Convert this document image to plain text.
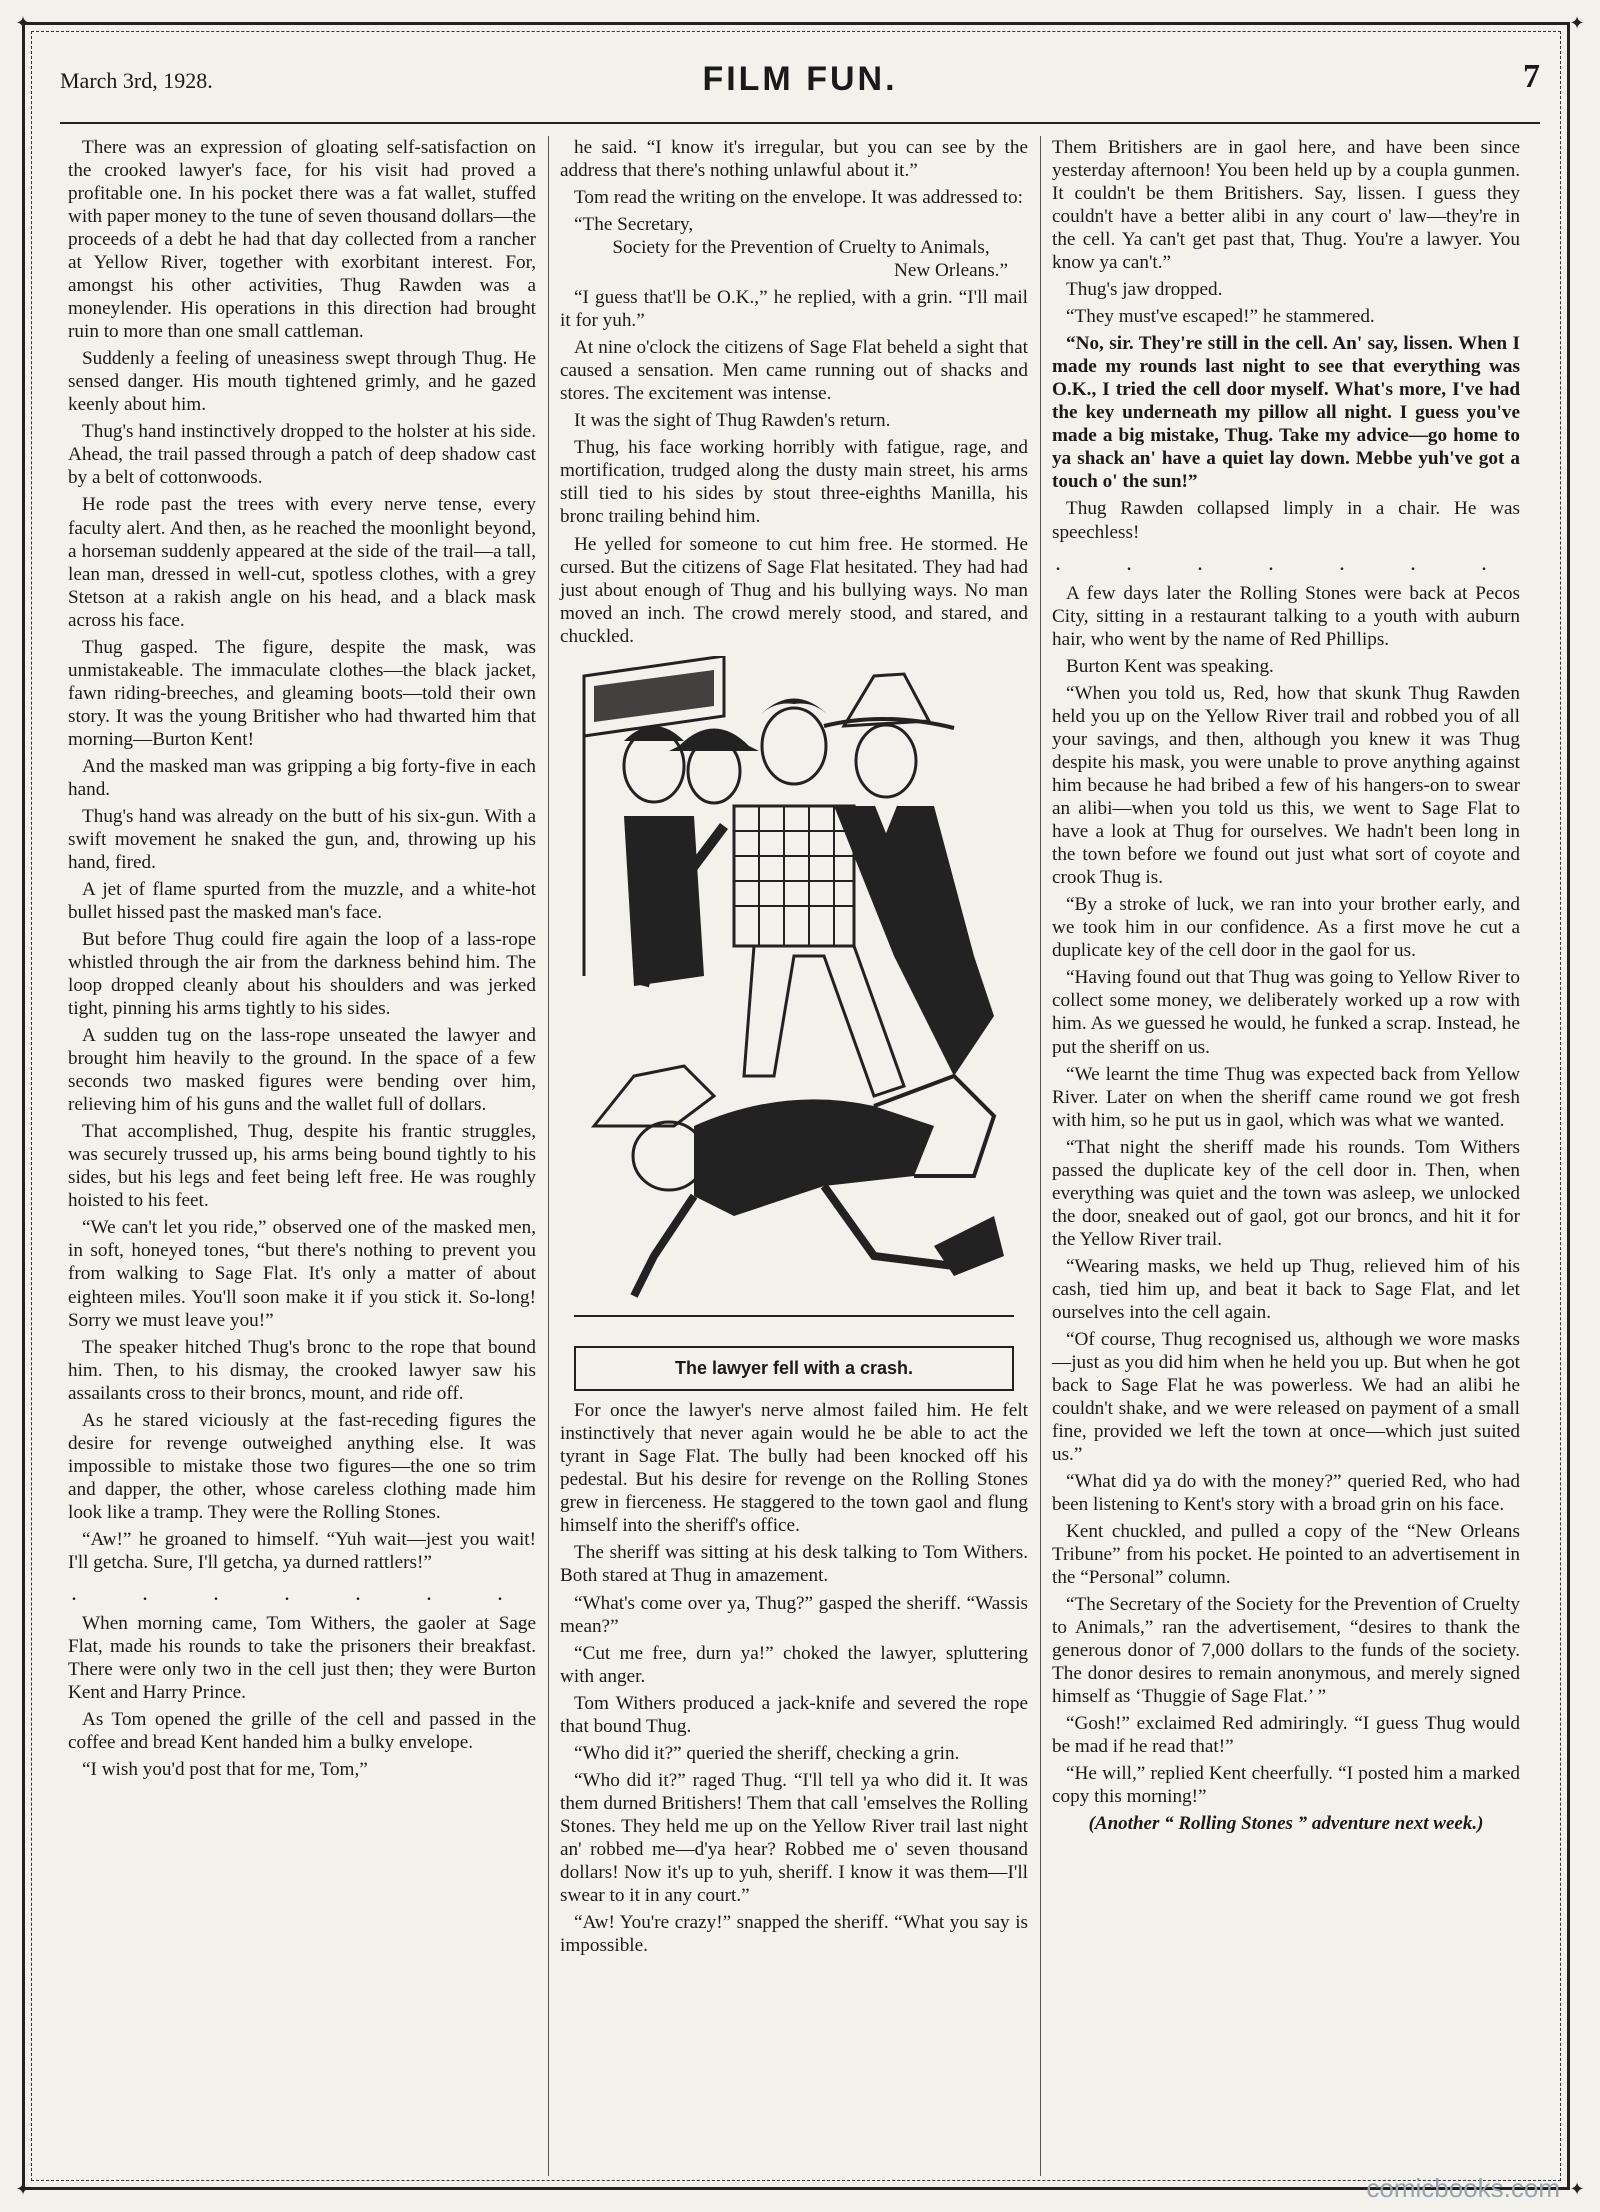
✦	✦
✦	✦
March 3rd, 1928.	FILM FUN.	7

There was an expression of gloating self-satisfaction on the crooked lawyer's face, for his visit had proved a profitable one. In his pocket there was a fat wallet, stuffed with paper money to the tune of seven thousand dollars—the proceeds of a debt he had that day collected from a rancher at Yellow River, together with exorbitant interest. For, amongst his other activities, Thug Rawden was a moneylender. His operations in this direction had brought ruin to more than one small cattleman.

Suddenly a feeling of uneasiness swept through Thug. He sensed danger. His mouth tightened grimly, and he gazed keenly about him.

Thug's hand instinctively dropped to the holster at his side. Ahead, the trail passed through a patch of deep shadow cast by a belt of cottonwoods.

He rode past the trees with every nerve tense, every faculty alert. And then, as he reached the moonlight beyond, a horseman suddenly appeared at the side of the trail—a tall, lean man, dressed in well-cut, spotless clothes, with a grey Stetson at a rakish angle on his head, and a black mask across his face.

Thug gasped. The figure, despite the mask, was unmistakeable. The immaculate clothes—the black jacket, fawn riding-breeches, and gleaming boots—told their own story. It was the young Britisher who had thwarted him that morning—Burton Kent!

And the masked man was gripping a big forty-five in each hand.

Thug's hand was already on the butt of his six-gun. With a swift movement he snaked the gun, and, throwing up his hand, fired.

A jet of flame spurted from the muzzle, and a white-hot bullet hissed past the masked man's face.

But before Thug could fire again the loop of a lass-rope whistled through the air from the darkness behind him. The loop dropped cleanly about his shoulders and was jerked tight, pinning his arms tightly to his sides.

A sudden tug on the lass-rope unseated the lawyer and brought him heavily to the ground. In the space of a few seconds two masked figures were bending over him, relieving him of his guns and the wallet full of dollars.

That accomplished, Thug, despite his frantic struggles, was securely trussed up, his arms being bound tightly to his sides, but his legs and feet being left free. He was roughly hoisted to his feet.

“We can't let you ride,” observed one of the masked men, in soft, honeyed tones, “but there's nothing to prevent you from walking to Sage Flat. It's only a matter of about eighteen miles. You'll soon make it if you stick it. So-long! Sorry we must leave you!”

The speaker hitched Thug's bronc to the rope that bound him. Then, to his dismay, the crooked lawyer saw his assailants cross to their broncs, mount, and ride off.

As he stared viciously at the fast-receding figures the desire for revenge outweighed anything else. It was impossible to mistake those two figures—the one so trim and dapper, the other, whose careless clothing made him look like a tramp. They were the Rolling Stones.

“Aw!” he groaned to himself. “Yuh wait—jest you wait! I'll getcha. Sure, I'll getcha, ya durned rattlers!”

. . . . . . .

When morning came, Tom Withers, the gaoler at Sage Flat, made his rounds to take the prisoners their breakfast. There were only two in the cell just then; they were Burton Kent and Harry Prince.

As Tom opened the grille of the cell and passed in the coffee and bread Kent handed him a bulky envelope.

“I wish you'd post that for me, Tom,”

he said. “I know it's irregular, but you can see by the address that there's nothing unlawful about it.”

Tom read the writing on the envelope. It was addressed to:

“The Secretary,

Society for the Prevention of Cruelty to Animals,

New Orleans.”

“I guess that'll be O.K.,” he replied, with a grin. “I'll mail it for yuh.”

At nine o'clock the citizens of Sage Flat beheld a sight that caused a sensation. Men came running out of shacks and stores. The excitement was intense.

It was the sight of Thug Rawden's return.

Thug, his face working horribly with fatigue, rage, and mortification, trudged along the dusty main street, his arms still tied to his sides by stout three-eighths Manilla, his bronc trailing behind him.

He yelled for someone to cut him free. He stormed. He cursed. But the citizens of Sage Flat hesitated. They had had just about enough of Thug and his bullying ways. No man moved an inch. The crowd merely stood, and stared, and chuckled.

The lawyer fell with a crash.

For once the lawyer's nerve almost failed him. He felt instinctively that never again would he be able to act the tyrant in Sage Flat. The bully had been knocked off his pedestal. But his desire for revenge on the Rolling Stones grew in fierceness. He staggered to the town gaol and flung himself into the sheriff's office.

The sheriff was sitting at his desk talking to Tom Withers. Both stared at Thug in amazement.

“What's come over ya, Thug?” gasped the sheriff. “Wassis mean?”

“Cut me free, durn ya!” choked the lawyer, spluttering with anger.

Tom Withers produced a jack-knife and severed the rope that bound Thug.

“Who did it?” queried the sheriff, checking a grin.

“Who did it?” raged Thug. “I'll tell ya who did it. It was them durned Britishers! Them that call 'emselves the Rolling Stones. They held me up on the Yellow River trail last night an' robbed me—d'ya hear? Robbed me o' seven thousand dollars! Now it's up to yuh, sheriff. I know it was them—I'll swear to it in any court.”

“Aw! You're crazy!” snapped the sheriff. “What you say is impossible.

Them Britishers are in gaol here, and have been since yesterday afternoon! You been held up by a coupla gunmen. It couldn't be them Britishers. Say, lissen. I guess they couldn't have a better alibi in any court o' law—they're in the cell. Ya can't get past that, Thug. You're a lawyer. You know ya can't.”

Thug's jaw dropped.

“They must've escaped!” he stammered.

“No, sir. They're still in the cell. An' say, lissen. When I made my rounds last night to see that everything was O.K., I tried the cell door myself. What's more, I've had the key underneath my pillow all night. I guess you've made a big mistake, Thug. Take my advice—go home to ya shack an' have a quiet lay down. Mebbe yuh've got a touch o' the sun!”

Thug Rawden collapsed limply in a chair. He was speechless!

. . . . . . .

A few days later the Rolling Stones were back at Pecos City, sitting in a restaurant talking to a youth with auburn hair, who went by the name of Red Phillips.

Burton Kent was speaking.

“When you told us, Red, how that skunk Thug Rawden held you up on the Yellow River trail and robbed you of all your savings, and then, although you knew it was Thug despite his mask, you were unable to prove anything against him because he had bribed a few of his hangers-on to swear an alibi—when you told us this, we went to Sage Flat to have a look at Thug for ourselves. We hadn't been long in the town before we found out just what sort of coyote and crook Thug is.

“By a stroke of luck, we ran into your brother early, and we took him in our confidence. As a first move he cut a duplicate key of the cell door in the gaol for us.

“Having found out that Thug was going to Yellow River to collect some money, we deliberately worked up a row with him. As we guessed he would, he funked a scrap. Instead, he put the sheriff on us.

“We learnt the time Thug was expected back from Yellow River. Later on when the sheriff came round we got fresh with him, so he put us in gaol, which was what we wanted.

“That night the sheriff made his rounds. Tom Withers passed the duplicate key of the cell door in. Then, when everything was quiet and the town was asleep, we unlocked the door, sneaked out of gaol, got our broncs, and hit it for the Yellow River trail.

“Wearing masks, we held up Thug, relieved him of his cash, tied him up, and beat it back to Sage Flat, and let ourselves into the cell again.

“Of course, Thug recognised us, although we wore masks—just as you did him when he held you up. But when he got back to Sage Flat he was powerless. We had an alibi he couldn't shake, and we were released on payment of a small fine, provided we left the town at once—which just suited us.”

“What did ya do with the money?” queried Red, who had been listening to Kent's story with a broad grin on his face.

Kent chuckled, and pulled a copy of the “New Orleans Tribune” from his pocket. He pointed to an advertisement in the “Personal” column.

“The Secretary of the Society for the Prevention of Cruelty to Animals,” ran the advertisement, “desires to thank the generous donor of 7,000 dollars to the funds of the society. The donor desires to remain anonymous, and merely signed himself as ‘Thuggie of Sage Flat.’ ”

“Gosh!” exclaimed Red admiringly. “I guess Thug would be mad if he read that!”

“He will,” replied Kent cheerfully. “I posted him a marked copy this morning!”

(Another “ Rolling Stones ” adventure next week.)
comicbooks.com
